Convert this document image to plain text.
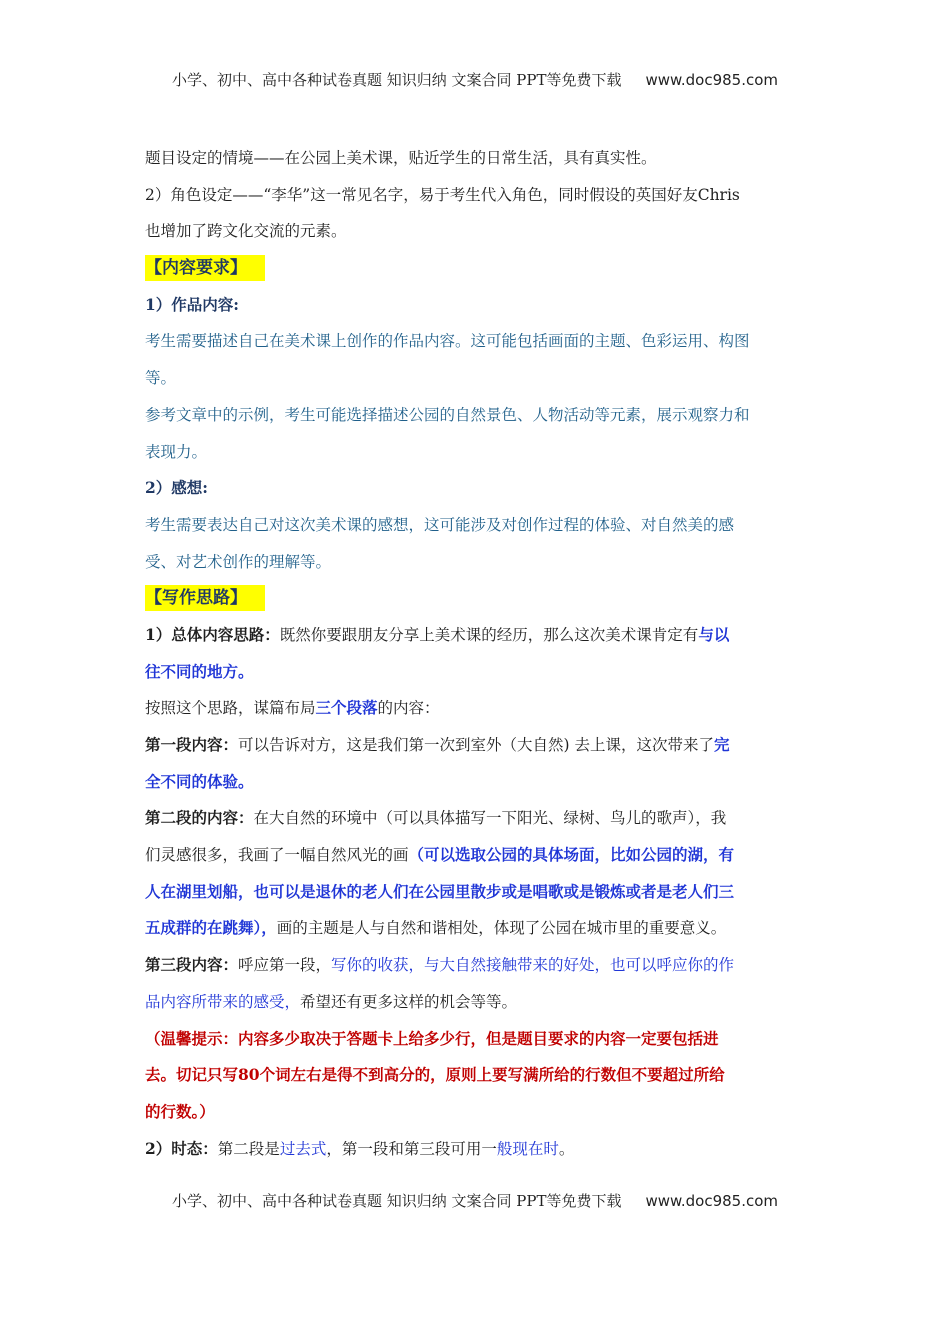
小学、初中、高中各种试卷真题 知识归纳 文案合同 PPT等免费下载 www.doc985.com
题目设定的情境——在公园上美术课，贴近学生的日常生活，具有真实性。
2）角色设定——“李华”这一常见名字，易于考生代入角色，同时假设的英国好友Chris
也增加了跨文化交流的元素。
【内容要求】
1）作品内容:
考生需要描述自己在美术课上创作的作品内容。这可能包括画面的主题、色彩运用、构图
等。
参考文章中的示例，考生可能选择描述公园的自然景色、人物活动等元素，展示观察力和
表现力。
2）感想:
考生需要表达自己对这次美术课的感想，这可能涉及对创作过程的体验、对自然美的感
受、对艺术创作的理解等。
【写作思路】
1）总体内容思路：既然你要跟朋友分享上美术课的经历，那么这次美术课肯定有与以
往不同的地方。
按照这个思路，谋篇布局三个段落的内容：
第一段内容：可以告诉对方，这是我们第一次到室外（大自然) 去上课，这次带来了完
全不同的体验。
第二段的内容：在大自然的环境中（可以具体描写一下阳光、绿树、鸟儿的歌声），我
们灵感很多，我画了一幅自然风光的画（可以选取公园的具体场面，比如公园的湖，有
人在湖里划船，也可以是退休的老人们在公园里散步或是唱歌或是锻炼或者是老人们三
五成群的在跳舞），画的主题是人与自然和谐相处，体现了公园在城市里的重要意义。
第三段内容：呼应第一段，写你的收获，与大自然接触带来的好处，也可以呼应你的作
品内容所带来的感受，希望还有更多这样的机会等等。
（温馨提示：内容多少取决于答题卡上给多少行，但是题目要求的内容一定要包括进
去。切记只写80个词左右是得不到高分的，原则上要写满所给的行数但不要超过所给
的行数。）
2）时态：第二段是过去式，第一段和第三段可用一般现在时。
小学、初中、高中各种试卷真题 知识归纳 文案合同 PPT等免费下载 www.doc985.com
